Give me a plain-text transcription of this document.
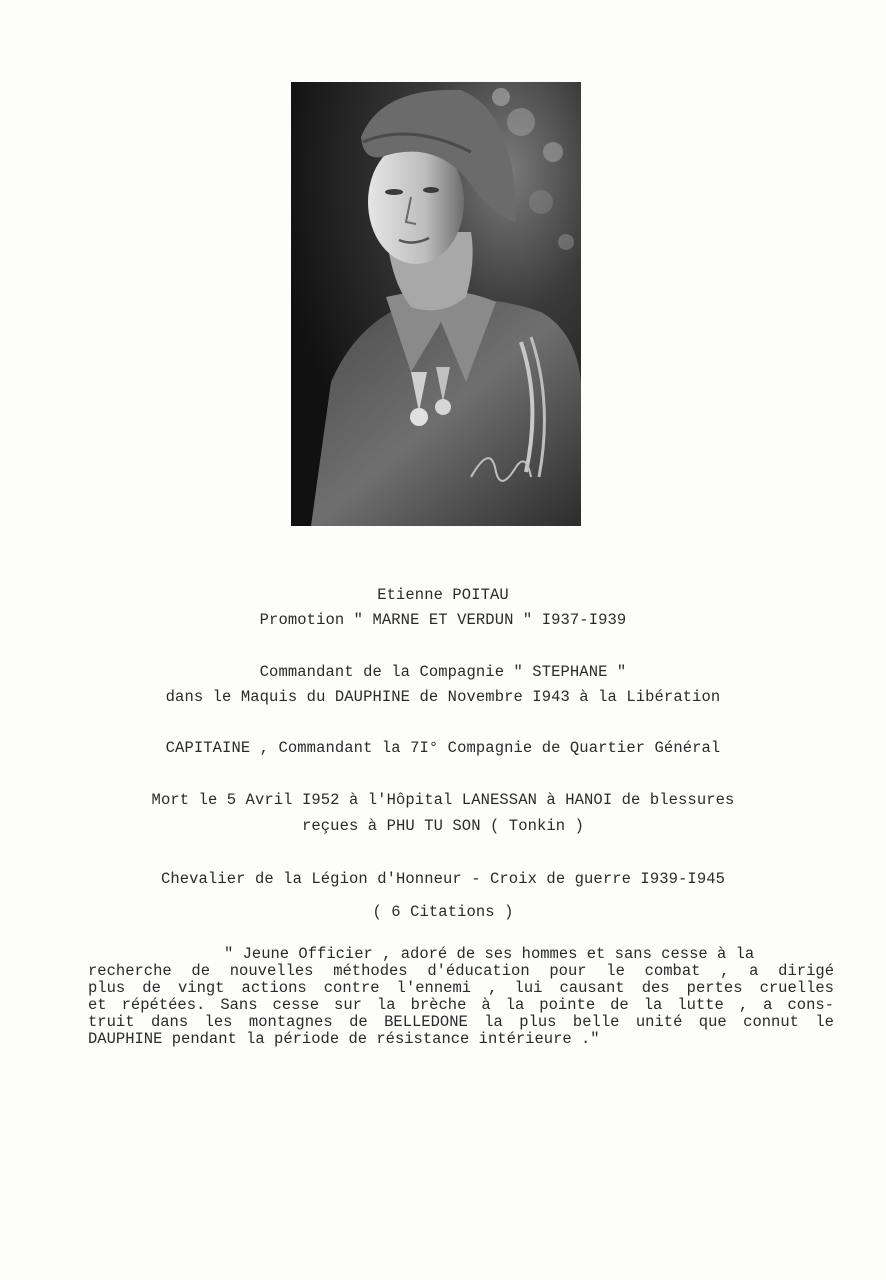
Etienne POITAU
Promotion " MARNE ET VERDUN " I937-I939
Commandant de la Compagnie " STEPHANE "
dans le Maquis du DAUPHINE de Novembre I943 à la Libération
CAPITAINE , Commandant la 7I° Compagnie de Quartier Général
Mort le 5 Avril I952 à l'Hôpital LANESSAN à HANOI de blessures
reçues à PHU TU SON ( Tonkin )
Chevalier de la Légion d'Honneur - Croix de guerre I939-I945
( 6 Citations )
" Jeune Officier , adoré de ses hommes et sans cesse à la
recherche de nouvelles méthodes d'éducation pour le combat , a dirigé
plus de vingt actions contre l'ennemi , lui causant des pertes cruelles
et répétées. Sans cesse sur la brèche à la pointe de la lutte , a cons-
truit dans les montagnes de BELLEDONE la plus belle unité que connut le
DAUPHINE pendant la période de résistance intérieure ."
